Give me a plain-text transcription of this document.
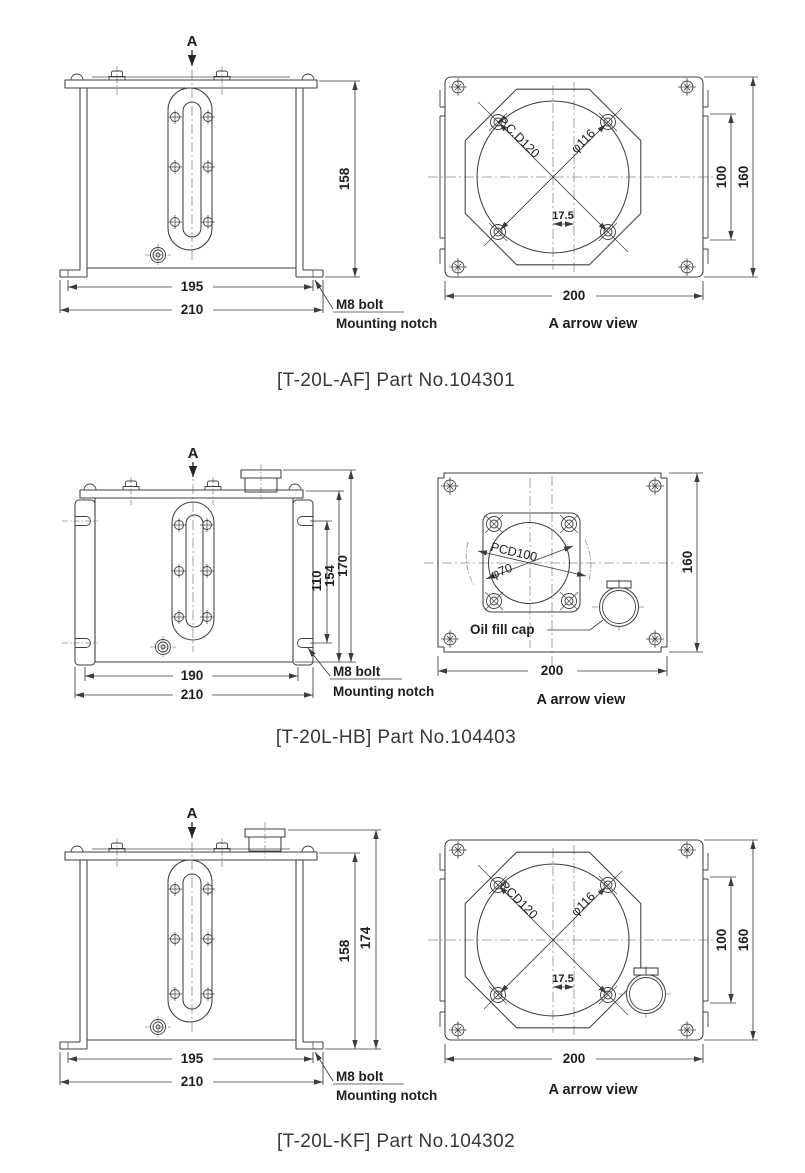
A
158
195
210	M8 bolt
Mounting notch
P.C.D120 φ116
17.5
100 160
200
A arrow view
[T-20L-AF] Part No.104301
A
110
154
170
190
210
M8 bolt
Mounting notch
PCD100
φ70
Oil fill cap
160
200
A arrow view
[T-20L-HB] Part No.104403
A
158
174
195
210	M8 bolt
Mounting notch
PCD120 φ116
17.5
100 160
200
A arrow view
[T-20L-KF] Part No.104302
